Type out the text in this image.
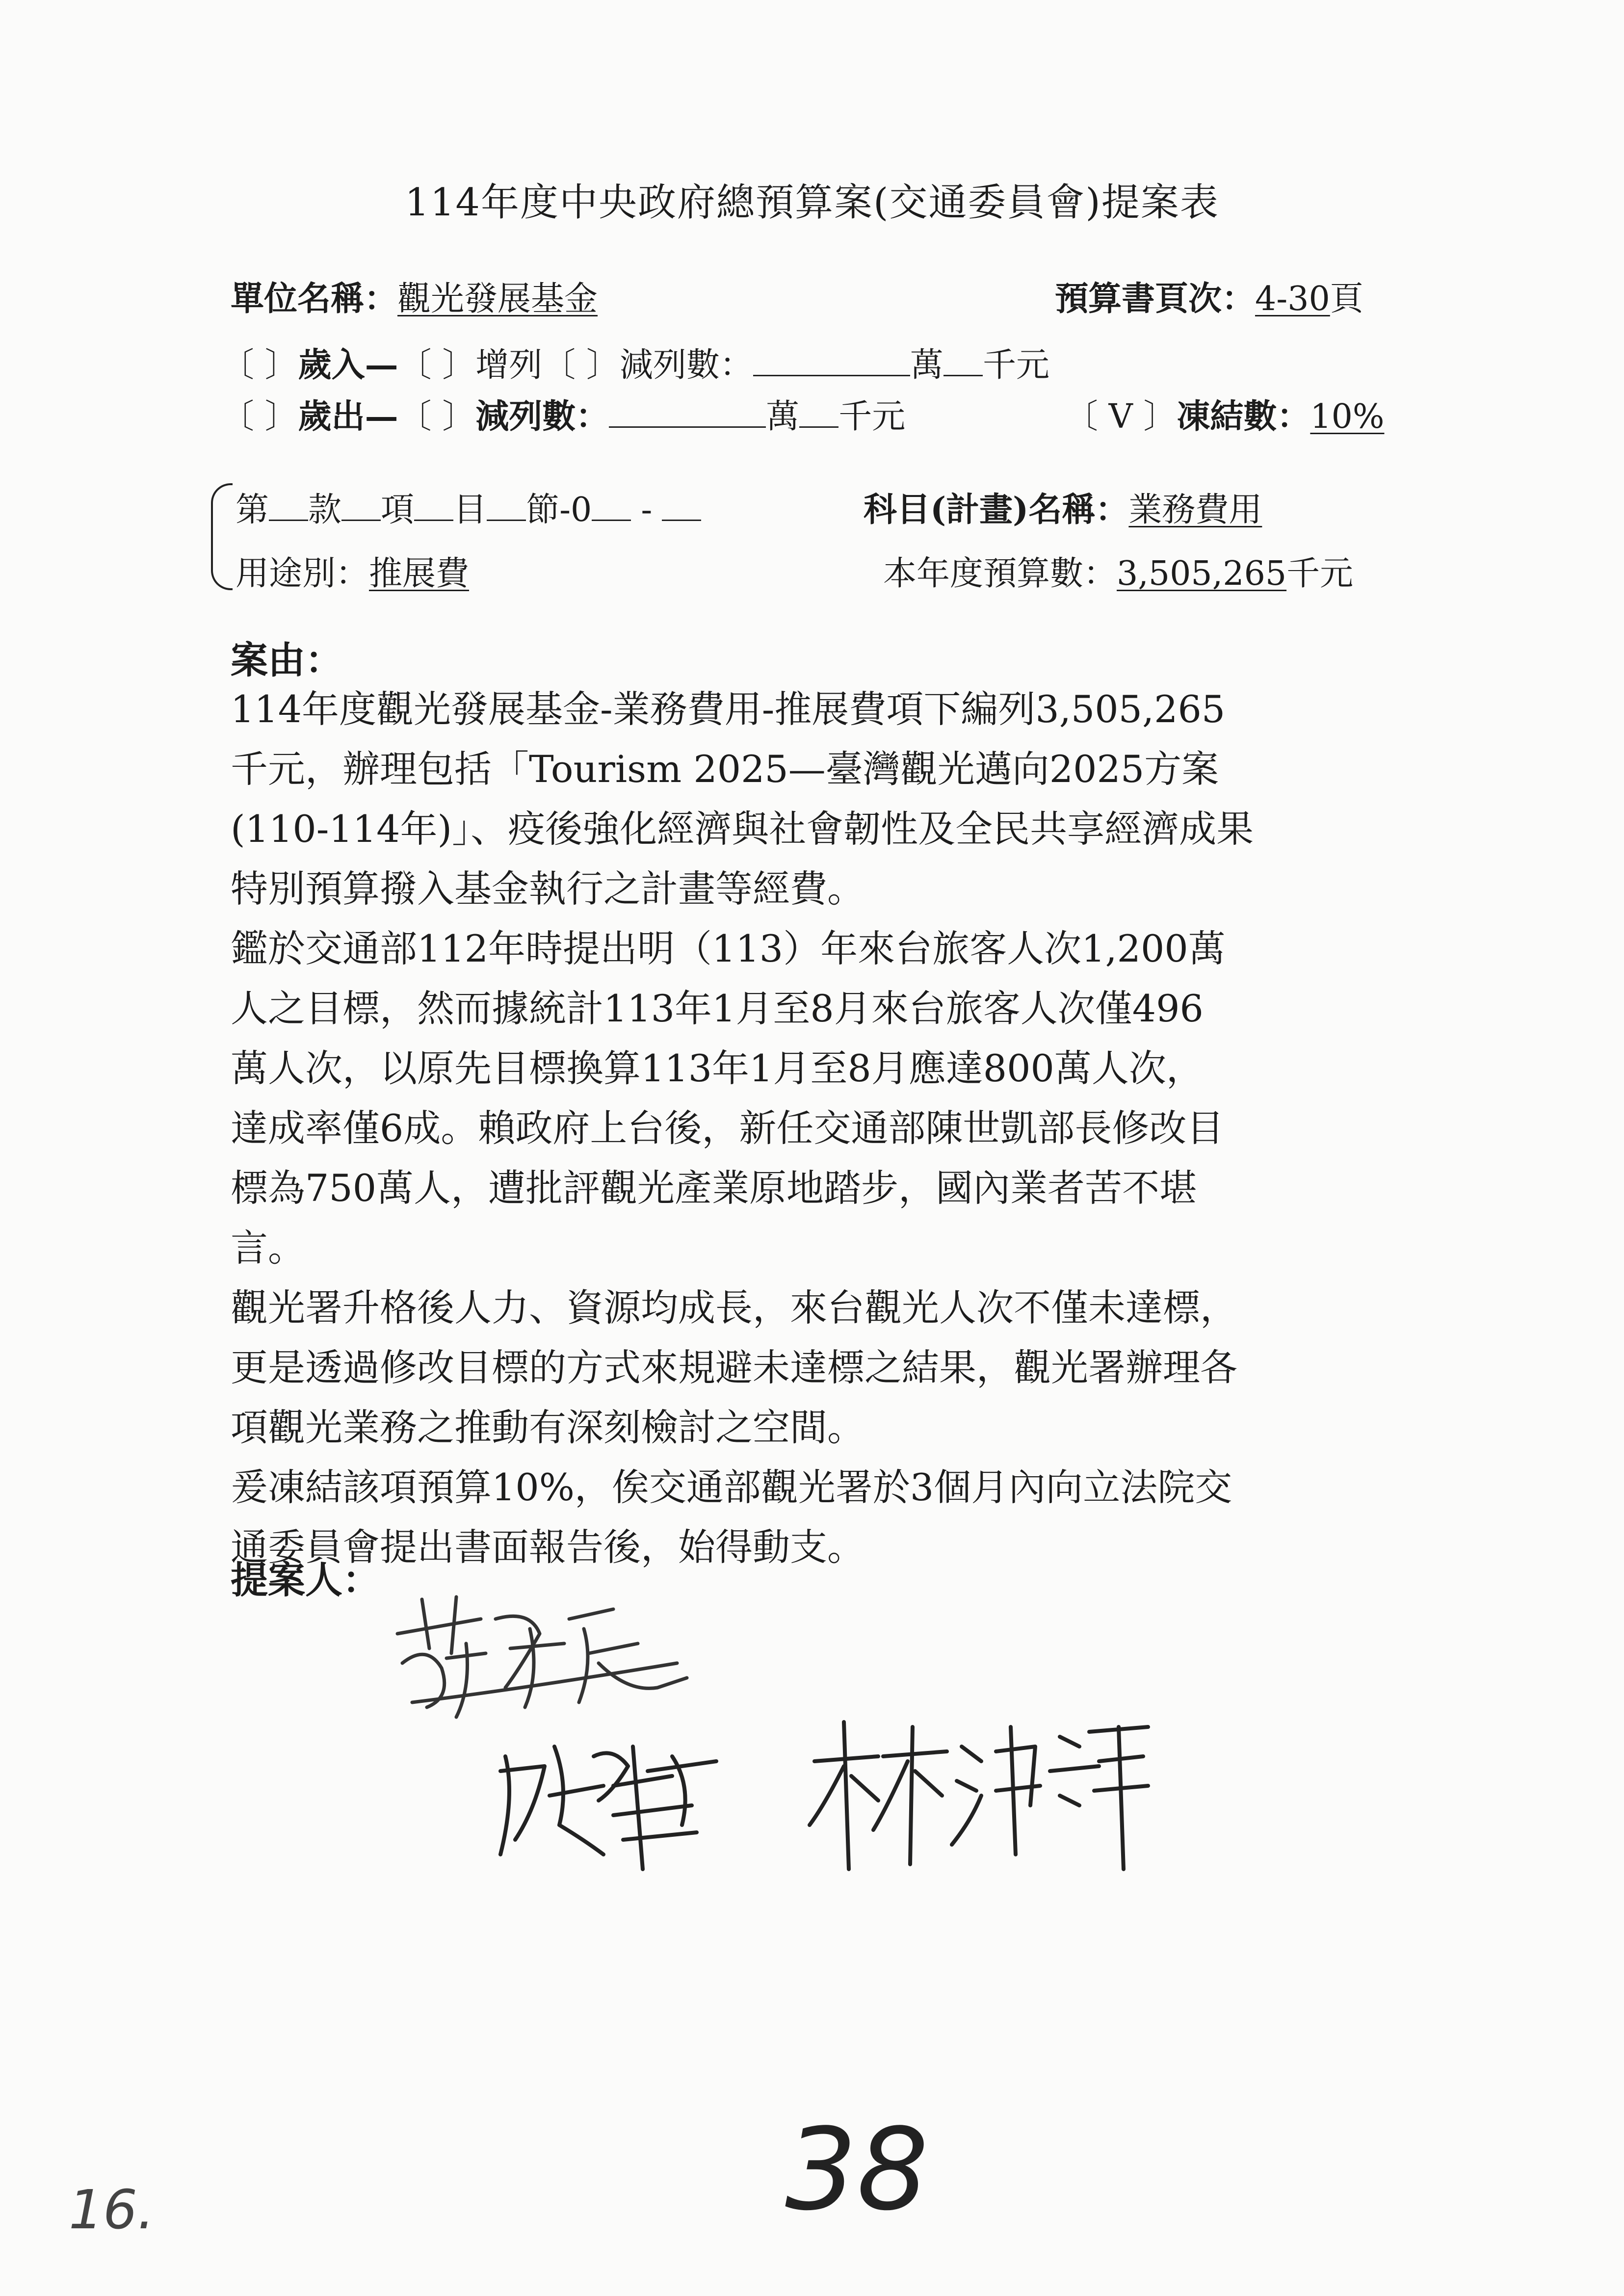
114年度中央政府總預算案(交通委員會)提案表
單位名稱：觀光發展基金	預算書頁次：4-30頁
〔 〕歲入—〔 〕增列〔 〕減列數：	萬 千元
〔 〕歲出—〔 〕減列數：	萬 千元	〔 V 〕凍結數：10%
第 款 項 目 節-0 -	科目(計畫)名稱：業務費用
用途別：推展費	本年度預算數：3,505,265千元
案由：
114年度觀光發展基金-業務費用-推展費項下編列3,505,265
千元，辦理包括「Tourism 2025—臺灣觀光邁向2025方案
(110-114年)」、疫後強化經濟與社會韌性及全民共享經濟成果
特別預算撥入基金執行之計畫等經費。
鑑於交通部112年時提出明（113）年來台旅客人次1,200萬
人之目標，然而據統計113年1月至8月來台旅客人次僅496
萬人次，以原先目標換算113年1月至8月應達800萬人次，
達成率僅6成。賴政府上台後，新任交通部陳世凱部長修改目
標為750萬人，遭批評觀光產業原地踏步，國內業者苦不堪
言。
觀光署升格後人力、資源均成長，來台觀光人次不僅未達標，
更是透過修改目標的方式來規避未達標之結果，觀光署辦理各
項觀光業務之推動有深刻檢討之空間。
爰凍結該項預算10%，俟交通部觀光署於3個月內向立法院交
通委員會提出書面報告後，始得動支。
提案人：
38
16.
